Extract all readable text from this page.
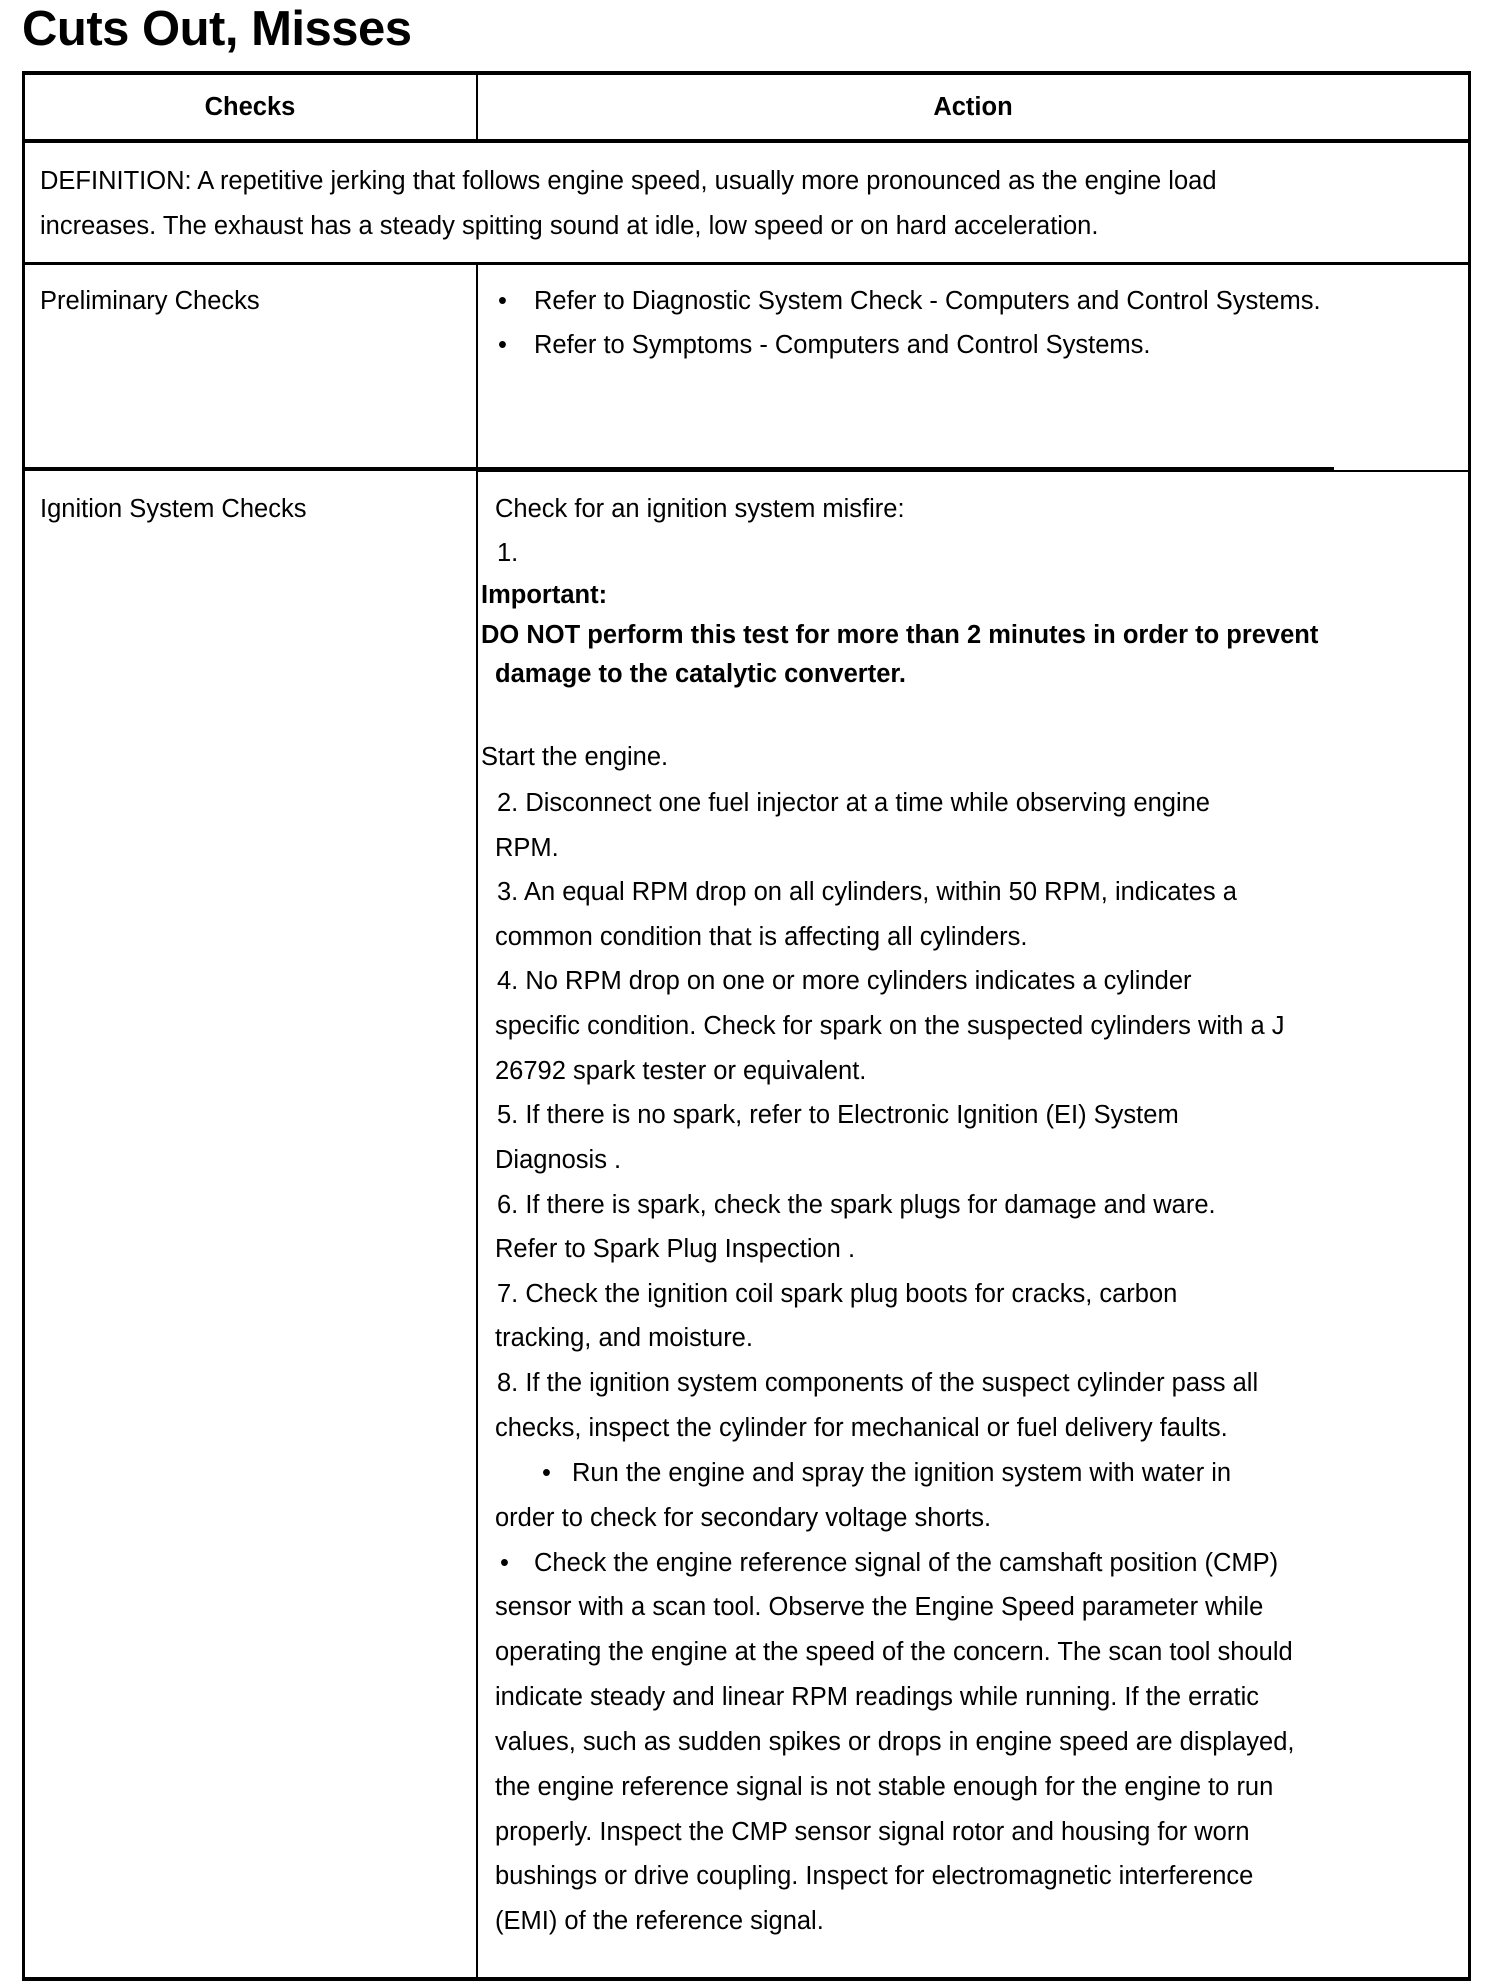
Cuts Out, Misses
Checks	Action
DEFINITION: A repetitive jerking that follows engine speed, usually more pronounced as the engine load
increases. The exhaust has a steady spitting sound at idle, low speed or on hard acceleration.
Preliminary Checks	• Refer to Diagnostic System Check - Computers and Control Systems.
• Refer to Symptoms - Computers and Control Systems.
Ignition System Checks	Check for an ignition system misfire:
1.
Important:
DO NOT perform this test for more than 2 minutes in order to prevent
damage to the catalytic converter.
Start the engine.
2. Disconnect one fuel injector at a time while observing engine
RPM.
3. An equal RPM drop on all cylinders, within 50 RPM, indicates a
common condition that is affecting all cylinders.
4. No RPM drop on one or more cylinders indicates a cylinder
specific condition. Check for spark on the suspected cylinders with a J
26792 spark tester or equivalent.
5. If there is no spark, refer to Electronic Ignition (EI) System
Diagnosis .
6. If there is spark, check the spark plugs for damage and ware.
Refer to Spark Plug Inspection .
7. Check the ignition coil spark plug boots for cracks, carbon
tracking, and moisture.
8. If the ignition system components of the suspect cylinder pass all
checks, inspect the cylinder for mechanical or fuel delivery faults.
• Run the engine and spray the ignition system with water in
order to check for secondary voltage shorts.
• Check the engine reference signal of the camshaft position (CMP)
sensor with a scan tool. Observe the Engine Speed parameter while
operating the engine at the speed of the concern. The scan tool should
indicate steady and linear RPM readings while running. If the erratic
values, such as sudden spikes or drops in engine speed are displayed,
the engine reference signal is not stable enough for the engine to run
properly. Inspect the CMP sensor signal rotor and housing for worn
bushings or drive coupling. Inspect for electromagnetic interference
(EMI) of the reference signal.
